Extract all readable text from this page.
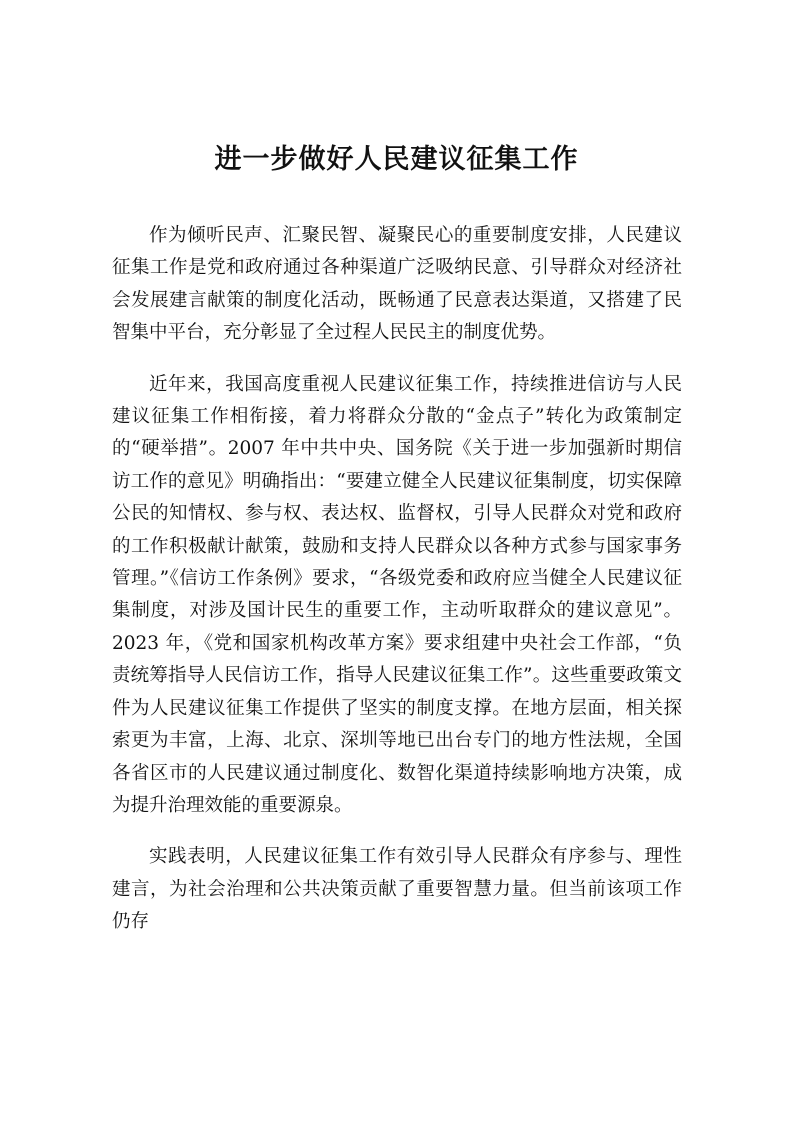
进一步做好人民建议征集工作

作为倾听民声、汇聚民智、凝聚民心的重要制度安排，人民建议征集工作是党和政府通过各种渠道广泛吸纳民意、引导群众对经济社会发展建言献策的制度化活动，既畅通了民意表达渠道，又搭建了民智集中平台，充分彰显了全过程人民民主的制度优势。

近年来，我国高度重视人民建议征集工作，持续推进信访与人民建议征集工作相衔接，着力将群众分散的“金点子”转化为政策制定的“硬举措”。2007 年中共中央、国务院《关于进一步加强新时期信访工作的意见》明确指出：“要建立健全人民建议征集制度，切实保障公民的知情权、参与权、表达权、监督权，引导人民群众对党和政府的工作积极献计献策，鼓励和支持人民群众以各种方式参与国家事务管理。”《信访工作条例》要求，“各级党委和政府应当健全人民建议征集制度，对涉及国计民生的重要工作，主动听取群众的建议意见”。2023 年，《党和国家机构改革方案》要求组建中央社会工作部，“负责统筹指导人民信访工作，指导人民建议征集工作”。这些重要政策文件为人民建议征集工作提供了坚实的制度支撑。在地方层面，相关探索更为丰富，上海、北京、深圳等地已出台专门的地方性法规，全国各省区市的人民建议通过制度化、数智化渠道持续影响地方决策，成为提升治理效能的重要源泉。

实践表明，人民建议征集工作有效引导人民群众有序参与、理性建言，为社会治理和公共决策贡献了重要智慧力量。但当前该项工作仍存
